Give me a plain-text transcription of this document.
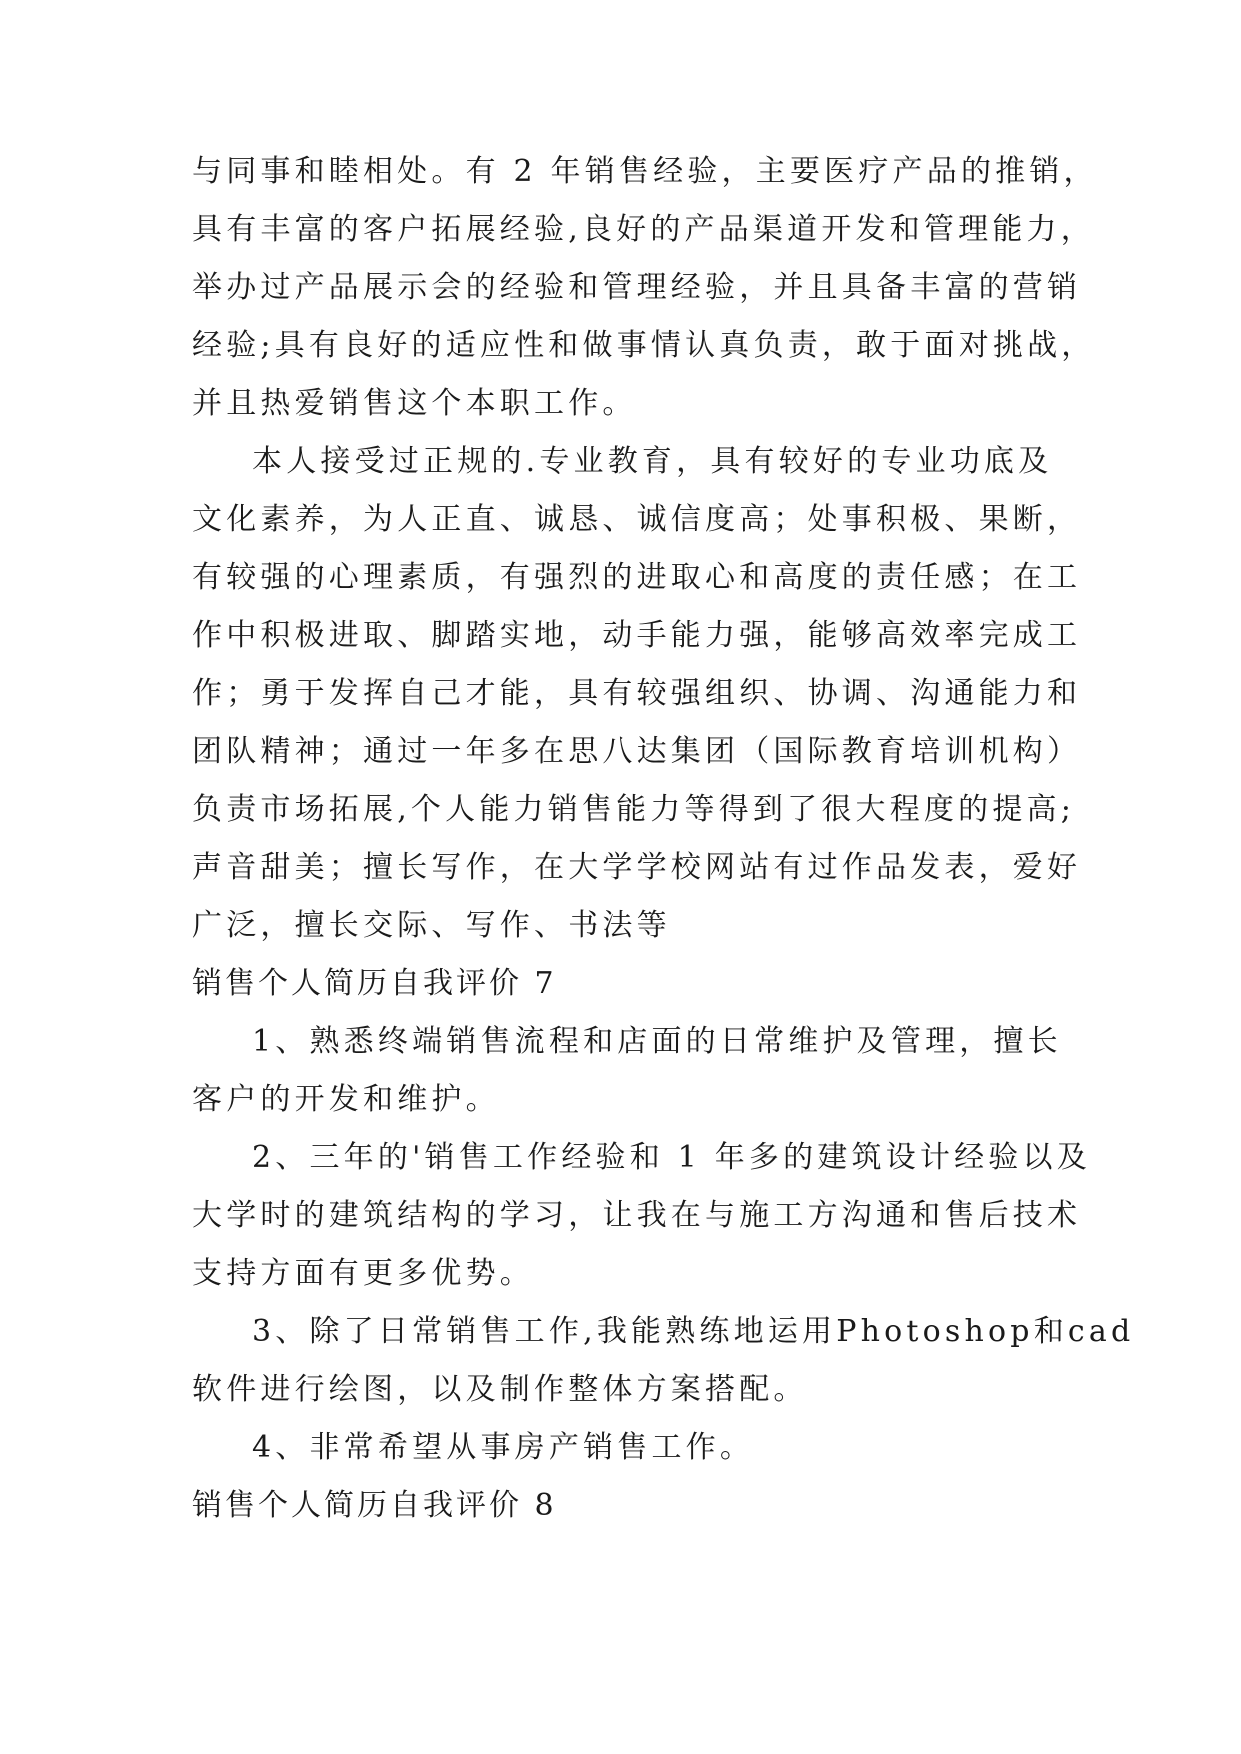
与同事和睦相处。有 2 年销售经验，主要医疗产品的推销，
具有丰富的客户拓展经验,良好的产品渠道开发和管理能力，
举办过产品展示会的经验和管理经验，并且具备丰富的营销
经验;具有良好的适应性和做事情认真负责，敢于面对挑战，
并且热爱销售这个本职工作。
本人接受过正规的.专业教育，具有较好的专业功底及
文化素养，为人正直、诚恳、诚信度高；处事积极、果断，
有较强的心理素质，有强烈的进取心和高度的责任感；在工
作中积极进取、脚踏实地，动手能力强，能够高效率完成工
作；勇于发挥自己才能，具有较强组织、协调、沟通能力和
团队精神；通过一年多在思八达集团（国际教育培训机构）
负责市场拓展,个人能力销售能力等得到了很大程度的提高;
声音甜美；擅长写作，在大学学校网站有过作品发表，爱好
广泛，擅长交际、写作、书法等
销售个人简历自我评价 7
1、熟悉终端销售流程和店面的日常维护及管理，擅长
客户的开发和维护。
2、三年的'销售工作经验和 1 年多的建筑设计经验以及
大学时的建筑结构的学习，让我在与施工方沟通和售后技术
支持方面有更多优势。
3、除了日常销售工作,我能熟练地运用Photoshop和cad
软件进行绘图，以及制作整体方案搭配。
4、非常希望从事房产销售工作。
销售个人简历自我评价 8
